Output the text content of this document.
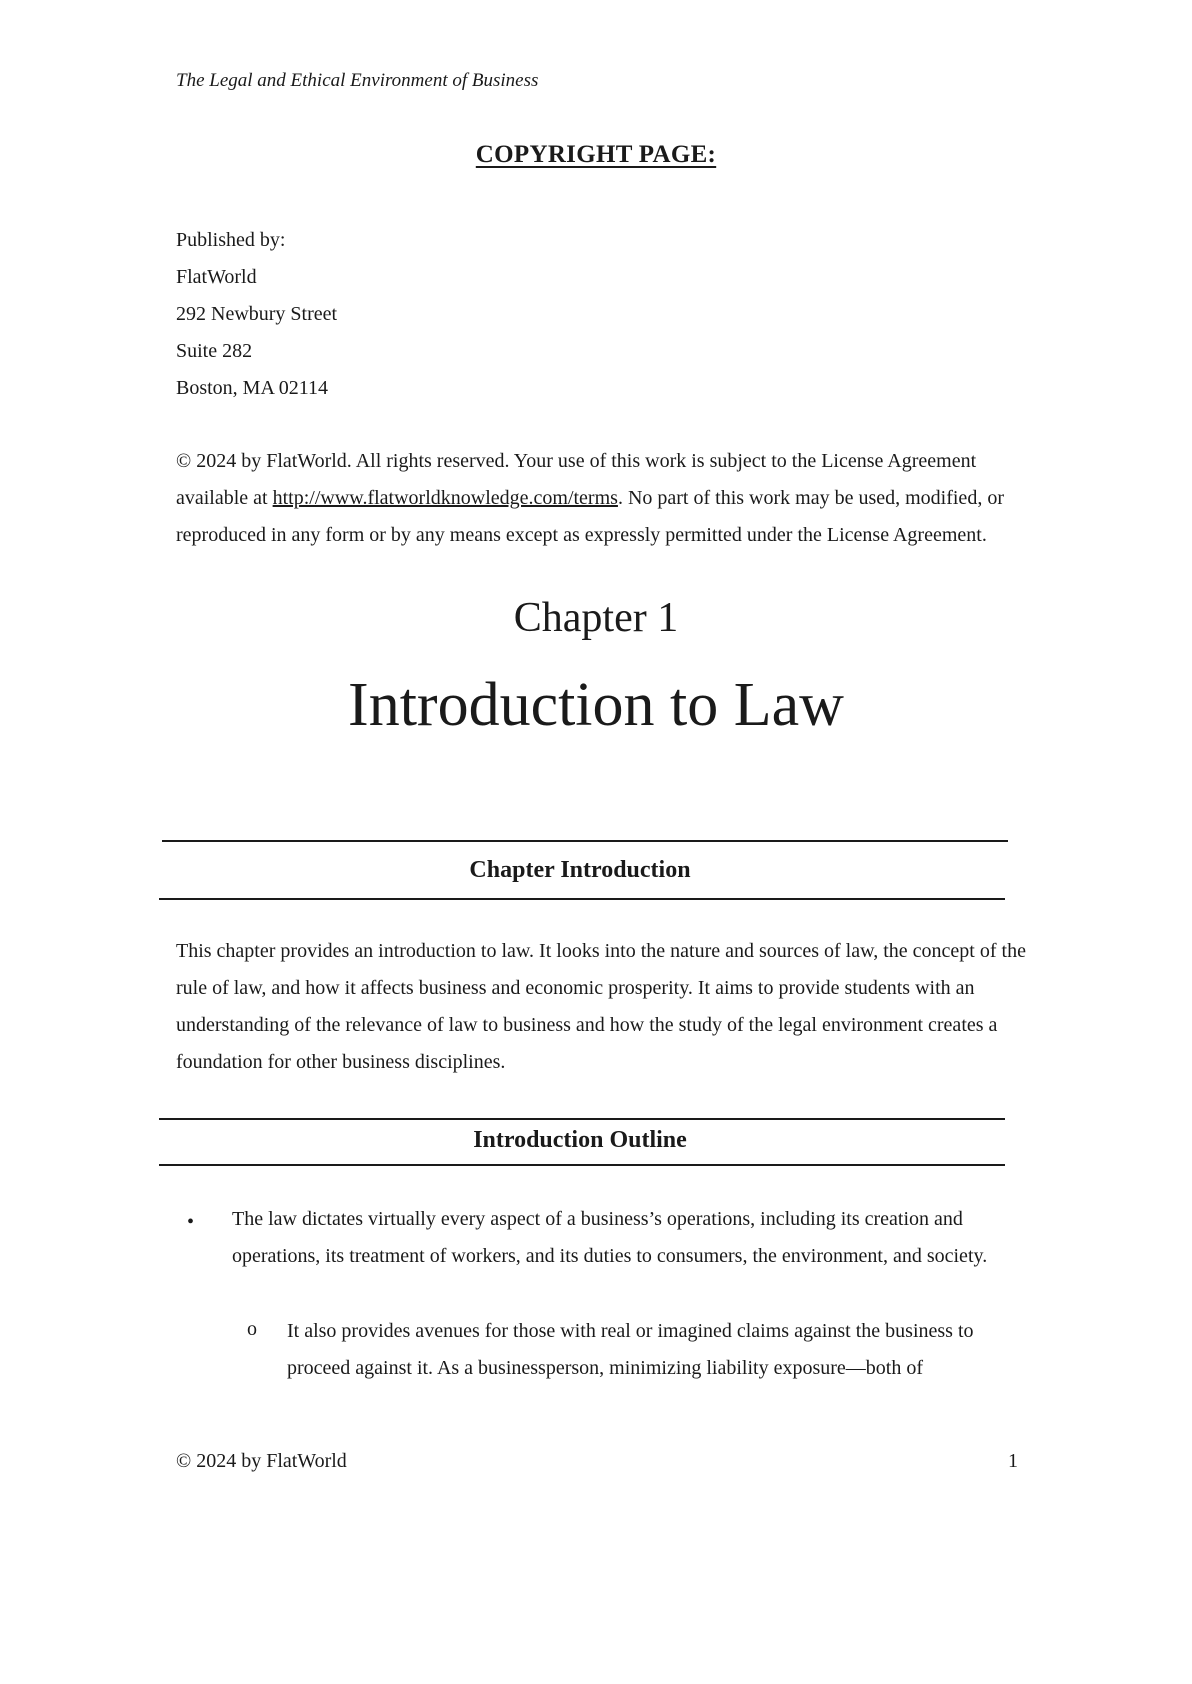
The Legal and Ethical Environment of Business
COPYRIGHT PAGE:
Published by:
FlatWorld
292 Newbury Street
Suite 282
Boston, MA 02114
© 2024 by FlatWorld. All rights reserved. Your use of this work is subject to the License Agreement available at http://www.flatworldknowledge.com/terms. No part of this work may be used, modified, or reproduced in any form or by any means except as expressly permitted under the License Agreement.
Chapter 1
Introduction to Law
Chapter Introduction
This chapter provides an introduction to law. It looks into the nature and sources of law, the concept of the rule of law, and how it affects business and economic prosperity. It aims to provide students with an understanding of the relevance of law to business and how the study of the legal environment creates a foundation for other business disciplines.
Introduction Outline
• The law dictates virtually every aspect of a business’s operations, including its creation and operations, its treatment of workers, and its duties to consumers, the environment, and society.
o It also provides avenues for those with real or imagined claims against the business to proceed against it. As a businessperson, minimizing liability exposure—both of
© 2024 by FlatWorld	1
